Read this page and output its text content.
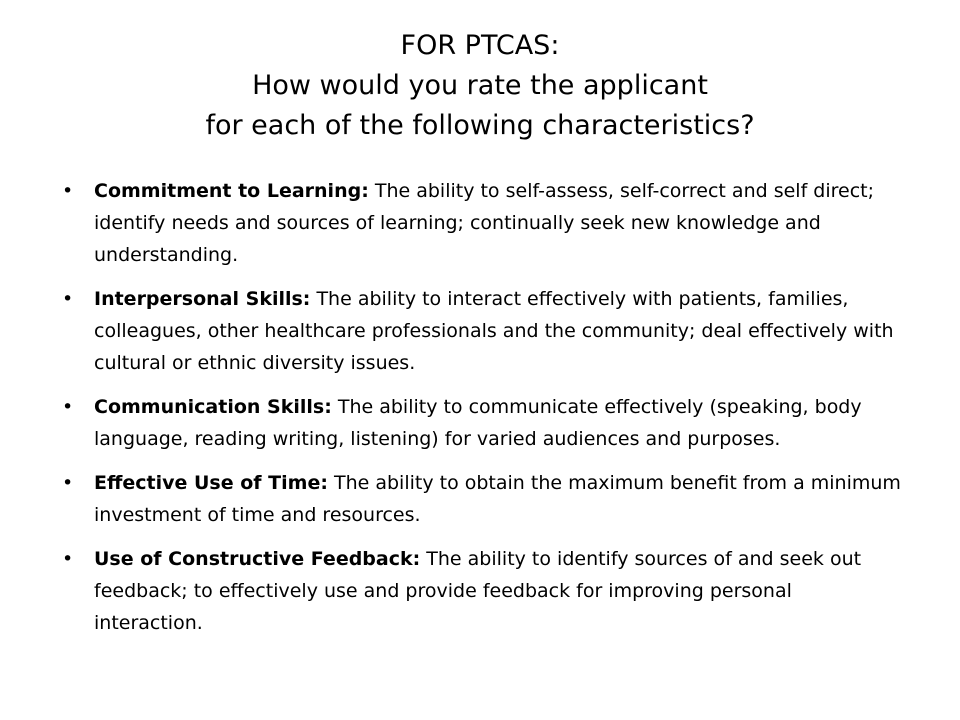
FOR PTCAS:
How would you rate the applicant
for each of the following characteristics?
• Commitment to Learning: The ability to self-assess, self-correct and self direct; identify needs and sources of learning; continually seek new knowledge and understanding.
• Interpersonal Skills: The ability to interact effectively with patients, families, colleagues, other healthcare professionals and the community; deal effectively with cultural or ethnic diversity issues.
• Communication Skills: The ability to communicate effectively (speaking, body language, reading writing, listening) for varied audiences and purposes.
• Effective Use of Time: The ability to obtain the maximum benefit from a minimum investment of time and resources.
• Use of Constructive Feedback: The ability to identify sources of and seek out feedback; to effectively use and provide feedback for improving personal interaction.
